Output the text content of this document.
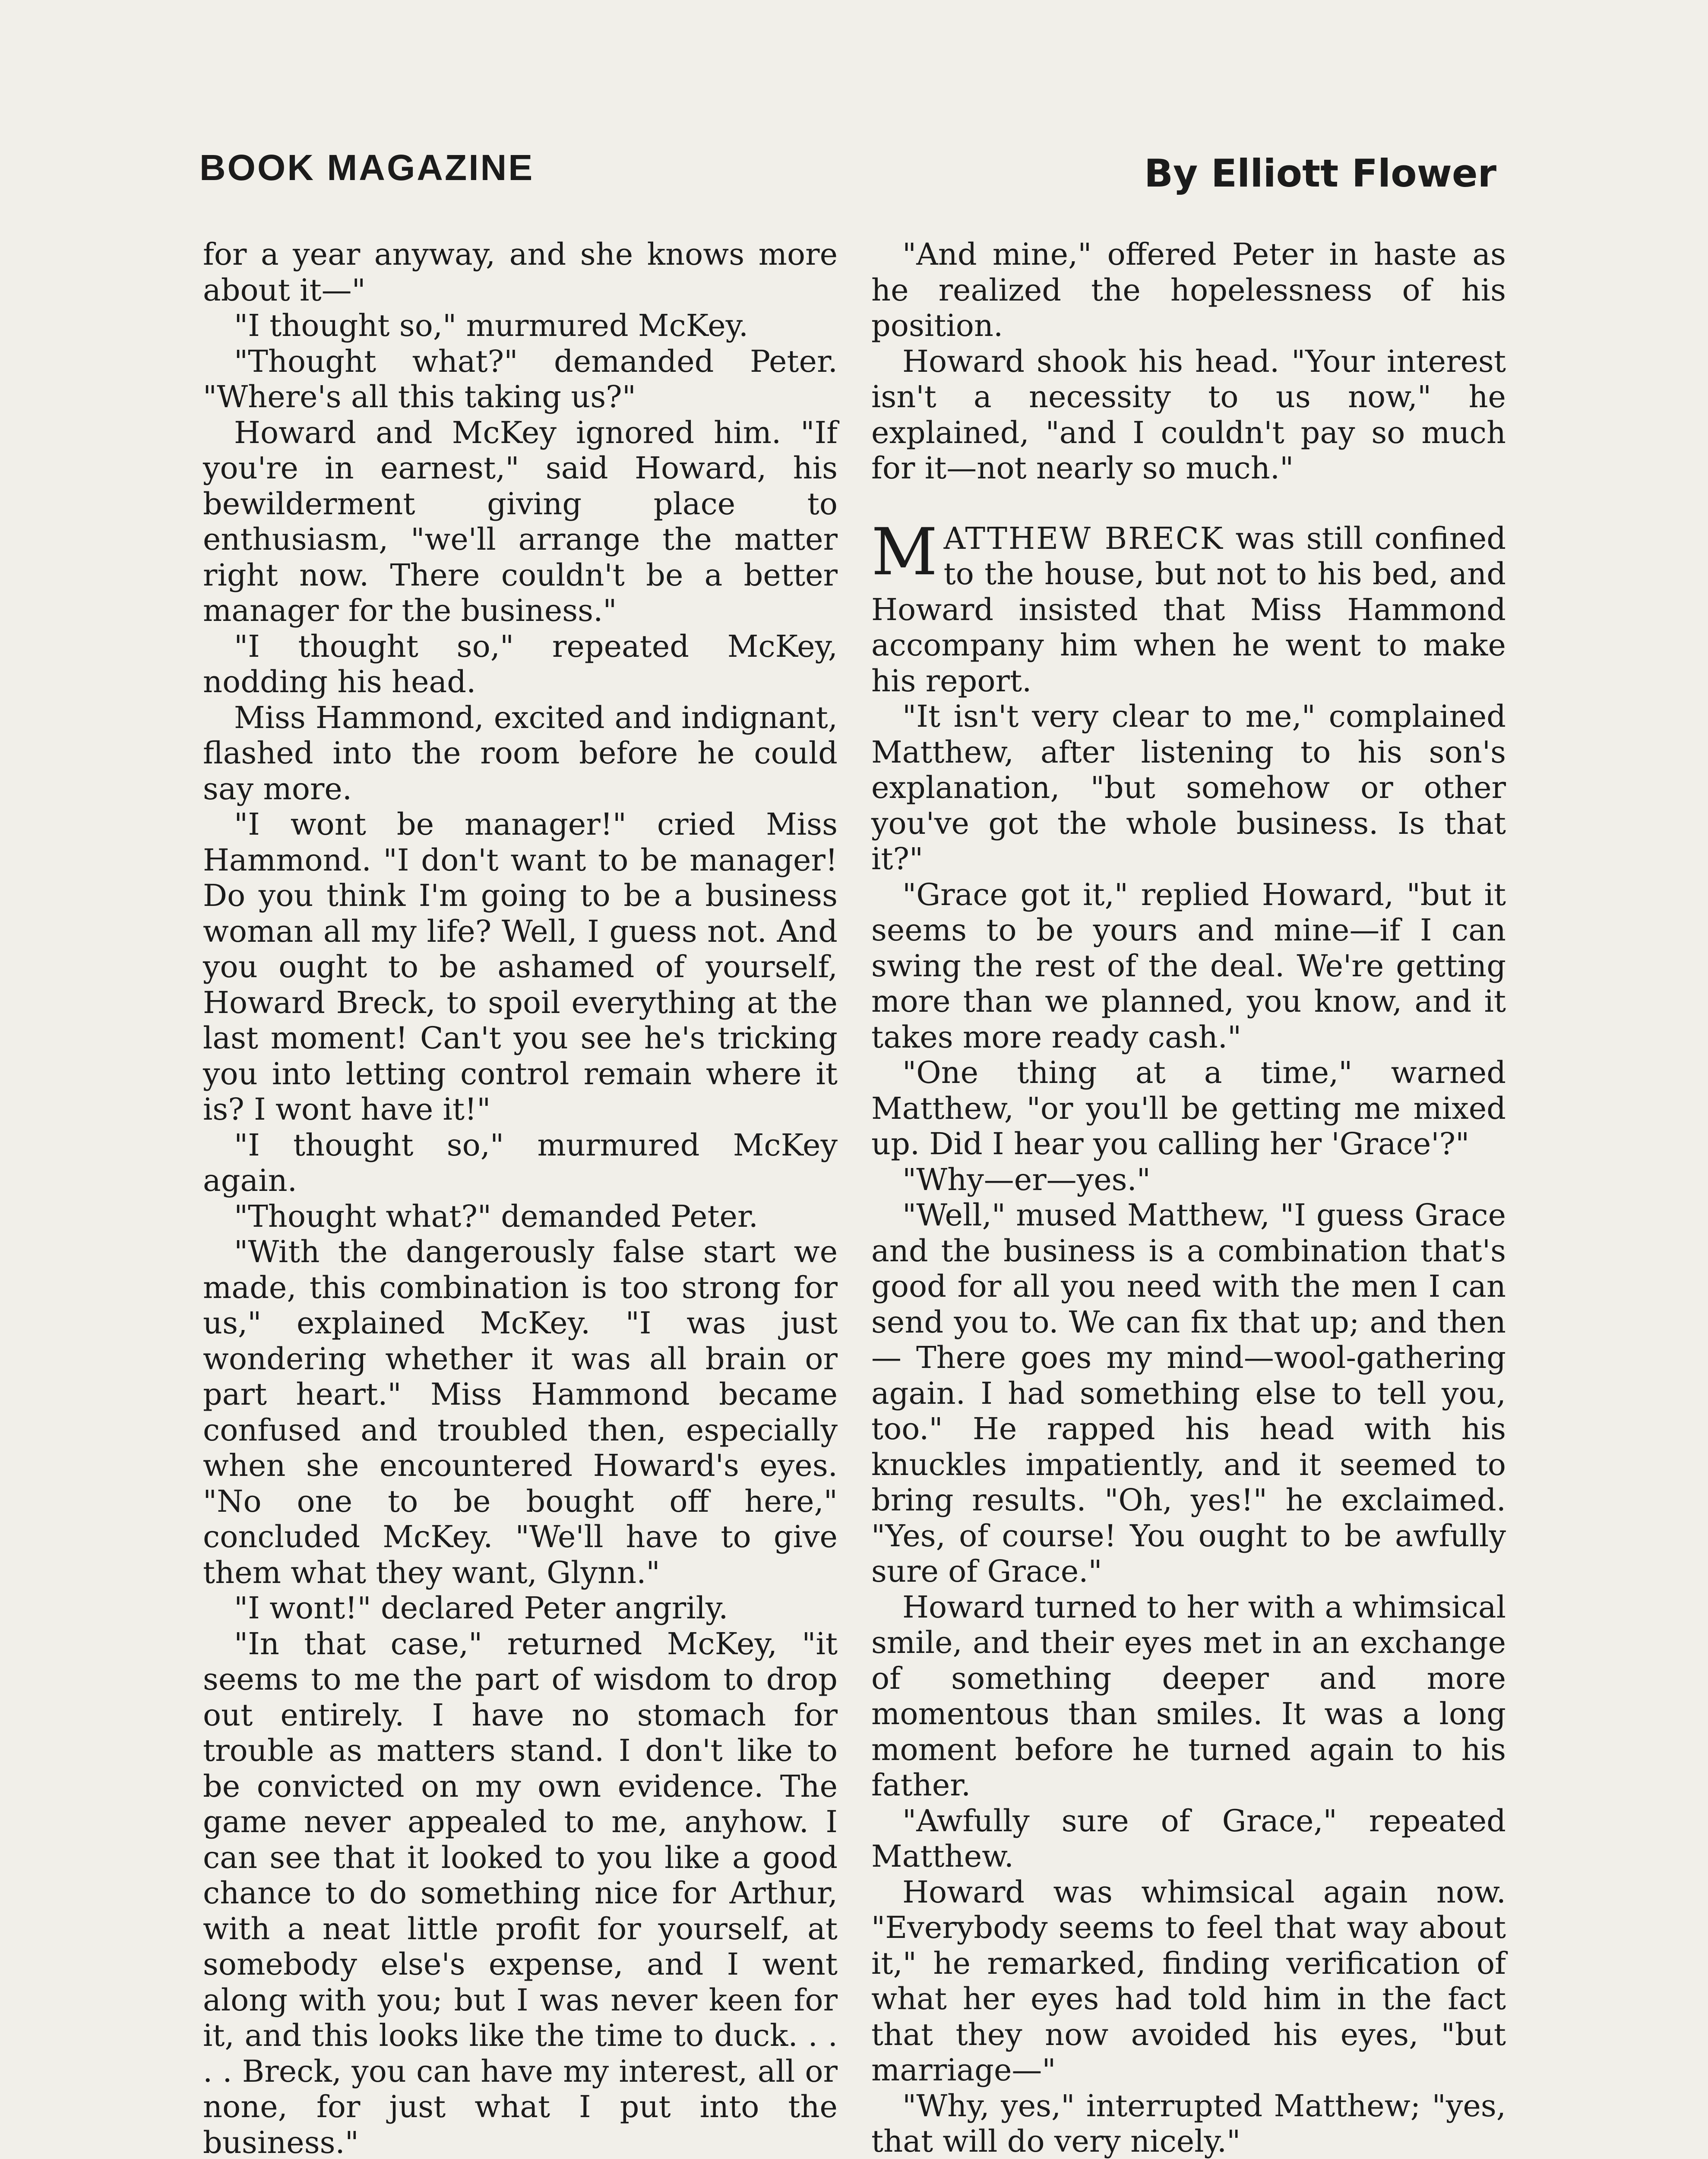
BOOK MAGAZINE	By Elliott Flower

for a year anyway, and she knows more about it—"

"I thought so," murmured McKey.

"Thought what?" demanded Peter. "Where's all this taking us?"

Howard and McKey ignored him. "If you're in earnest," said Howard, his bewilderment giving place to enthusiasm, "we'll arrange the matter right now. There couldn't be a better manager for the business."

"I thought so," repeated McKey, nodding his head.

Miss Hammond, excited and indignant, flashed into the room before he could say more.

"I wont be manager!" cried Miss Hammond. "I don't want to be manager! Do you think I'm going to be a business woman all my life? Well, I guess not. And you ought to be ashamed of yourself, Howard Breck, to spoil everything at the last moment! Can't you see he's tricking you into letting control remain where it is? I wont have it!"

"I thought so," murmured McKey again.

"Thought what?" demanded Peter.

"With the dangerously false start we made, this combination is too strong for us," explained McKey. "I was just wondering whether it was all brain or part heart." Miss Hammond became confused and troubled then, especially when she encountered Howard's eyes. "No one to be bought off here," concluded McKey. "We'll have to give them what they want, Glynn."

"I wont!" declared Peter angrily.

"In that case," returned McKey, "it seems to me the part of wisdom to drop out entirely. I have no stomach for trouble as matters stand. I don't like to be convicted on my own evidence. The game never appealed to me, anyhow. I can see that it looked to you like a good chance to do something nice for Arthur, with a neat little profit for yourself, at somebody else's expense, and I went along with you; but I was never keen for it, and this looks like the time to duck. . . . . Breck, you can have my interest, all or none, for just what I put into the business."

"And mine," offered Peter in haste as he realized the hopelessness of his position.

Howard shook his head. "Your interest isn't a necessity to us now," he explained, "and I couldn't pay so much for it—not nearly so much."

MATTHEW BRECK was still confined to the house, but not to his bed, and Howard insisted that Miss Hammond accompany him when he went to make his report.

"It isn't very clear to me," complained Matthew, after listening to his son's explanation, "but somehow or other you've got the whole business. Is that it?"

"Grace got it," replied Howard, "but it seems to be yours and mine—if I can swing the rest of the deal. We're getting more than we planned, you know, and it takes more ready cash."

"One thing at a time," warned Matthew, "or you'll be getting me mixed up. Did I hear you calling her 'Grace'?"

"Why—er—yes."

"Well," mused Matthew, "I guess Grace and the business is a combination that's good for all you need with the men I can send you to. We can fix that up; and then— There goes my mind—wool-gathering again. I had something else to tell you, too." He rapped his head with his knuckles impatiently, and it seemed to bring results. "Oh, yes!" he exclaimed. "Yes, of course! You ought to be awfully sure of Grace."

Howard turned to her with a whimsical smile, and their eyes met in an exchange of something deeper and more momentous than smiles. It was a long moment before he turned again to his father.

"Awfully sure of Grace," repeated Matthew.

Howard was whimsical again now. "Everybody seems to feel that way about it," he remarked, finding verification of what her eyes had told him in the fact that they now avoided his eyes, "but marriage—"

"Why, yes," interrupted Matthew; "yes, that will do very nicely."
